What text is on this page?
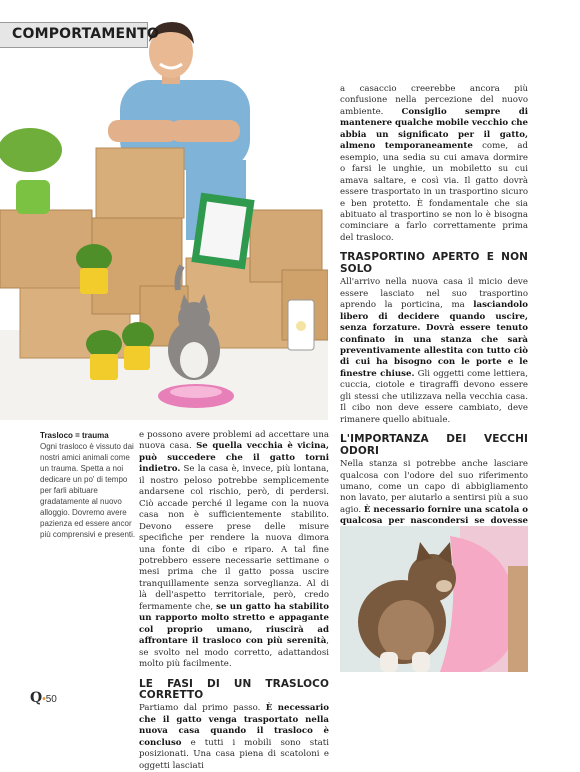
COMPORTAMENTO
Trasloco = trauma
Ogni trasloco è vissuto dai nostri amici animali come un trauma. Spetta a noi dedicare un po' di tempo per farli abituare gradatamente al nuovo alloggio. Dovremo avere pazienza ed essere ancor più comprensivi e presenti.

e possono avere problemi ad accettare una nuova casa. Se quella vecchia è vicina, può succedere che il gatto torni indietro. Se la casa è, invece, più lontana, il nostro peloso potrebbe semplicemente andarsene col rischio, però, di perdersi. Ciò accade perché il legame con la nuova casa non è sufficientemente stabilito. Devono essere prese delle misure specifiche per rendere la nuova dimora una fonte di cibo e riparo. A tal fine potrebbero essere necessarie settimane o mesi prima che il gatto possa uscire tranquillamente senza sorveglianza. Al di là dell'aspetto territoriale, però, credo fermamente che, se un gatto ha stabilito un rapporto molto stretto e appagante col proprio umano, riuscirà ad affrontare il trasloco con più serenità, se svolto nel modo corretto, adattandosi molto più facilmente.

LE FASI DI UN TRASLOCO CORRETTO

Partiamo dal primo passo. È necessario che il gatto venga trasportato nella nuova casa quando il trasloco è concluso e tutti i mobili sono stati posizionati. Una casa piena di scatoloni e oggetti lasciati

a casaccio creerebbe ancora più confusione nella percezione del nuovo ambiente. Consiglio sempre di mantenere qualche mobile vecchio che abbia un significato per il gatto, almeno temporaneamente come, ad esempio, una sedia su cui amava dormire o farsi le unghie, un mobiletto su cui amava saltare, e così via. Il gatto dovrà essere trasportato in un trasportino sicuro e ben protetto. È fondamentale che sia abituato al trasportino se non lo è bisogna cominciare a farlo correttamente prima del trasloco.

TRASPORTINO APERTO E NON SOLO

All'arrivo nella nuova casa il micio deve essere lasciato nel suo trasportino aprendo la porticina, ma lasciandolo libero di decidere quando uscire, senza forzature. Dovrà essere tenuto confinato in una stanza che sarà preventivamente allestita con tutto ciò di cui ha bisogno con le porte e le finestre chiuse. Gli oggetti come lettiera, cuccia, ciotole e tiragraffi devono essere gli stessi che utilizzava nella vecchia casa. Il cibo non deve essere cambiato, deve rimanere quello abituale.

L'IMPORTANZA DEI VECCHI ODORI

Nella stanza si potrebbe anche lasciare qualcosa con l'odore del suo riferimento umano, come un capo di abbigliamento non lavato, per aiutarlo a sentirsi più a suo agio. È necessario fornire una scatola o qualcosa per nascondersi se dovesse

Q•50
